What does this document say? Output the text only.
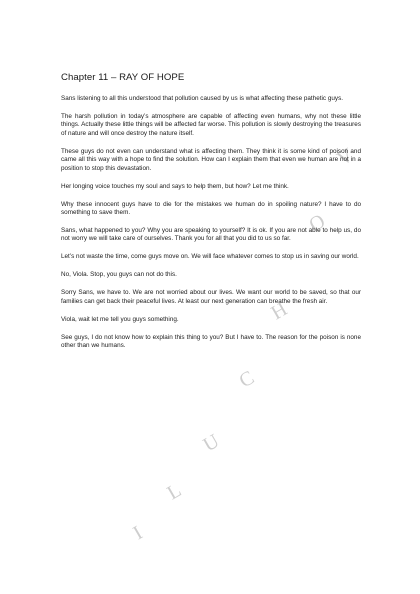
I
L
U
C
H
O
V
Chapter 11 – RAY OF HOPE

Sans listening to all this understood that pollution caused by us is what affecting these pathetic guys.

The harsh pollution in today’s atmosphere are capable of affecting even humans, why not these little things. Actually these little things will be affected far worse. This pollution is slowly destroying the treasures of nature and will once destroy the nature itself.

These guys do not even can understand what is affecting them. They think it is some kind of poison and came all this way with a hope to find the solution. How can I explain them that even we human are not in a position to stop this devastation.

Her longing voice touches my soul and says to help them, but how? Let me think.

Why these innocent guys have to die for the mistakes we human do in spoiling nature? I have to do something to save them.

Sans, what happened to you? Why you are speaking to yourself? It is ok. If you are not able to help us, do not worry we will take care of ourselves. Thank you for all that you did to us so far.

Let’s not waste the time, come guys move on. We will face whatever comes to stop us in saving our world.

No, Viola. Stop, you guys can not do this.

Sorry Sans, we have to. We are not worried about our lives. We want our world to be saved, so that our families can get back their peaceful lives. At least our next generation can breathe the fresh air.

Viola, wait let me tell you guys something.

See guys, I do not know how to explain this thing to you? But I have to. The reason for the poison is none other than we humans.
